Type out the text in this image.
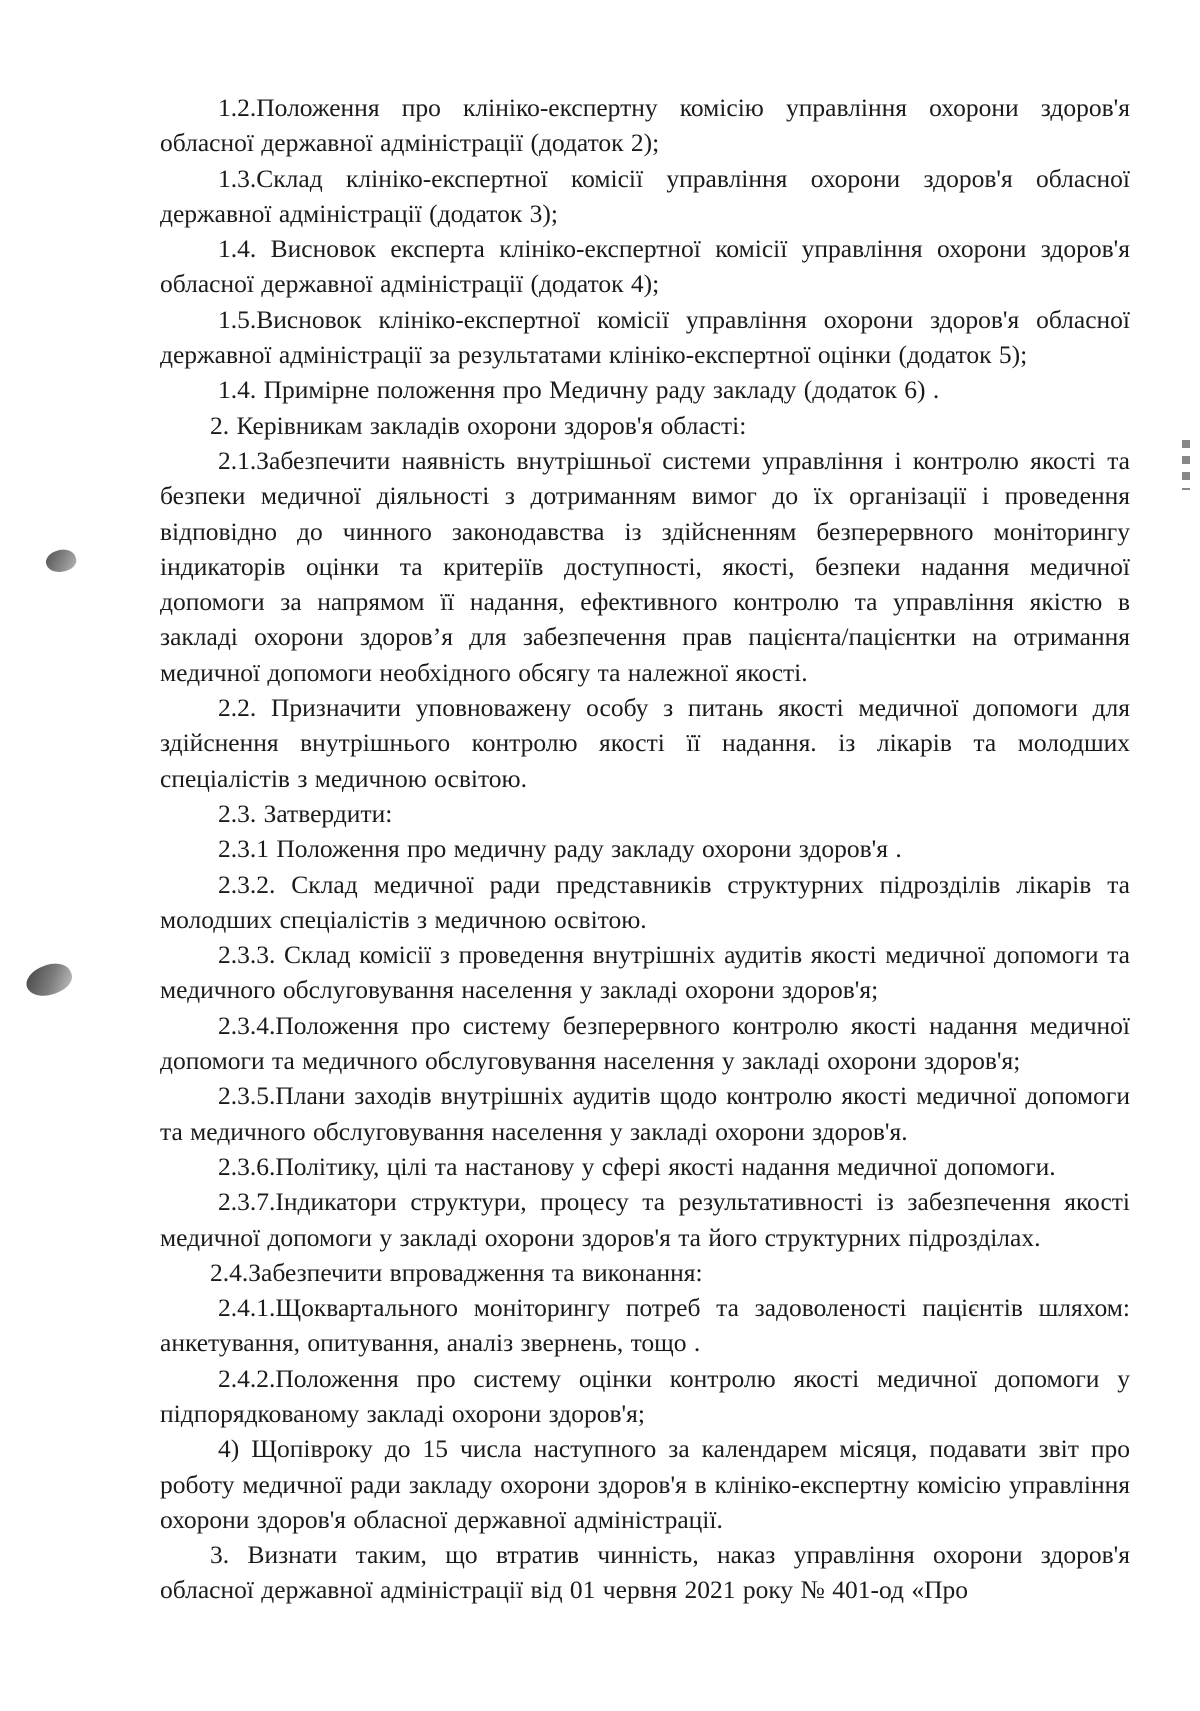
1.2.Положення про клініко-експертну комісію управління охорони здоров'я обласної державної адміністрації (додаток 2);

1.3.Склад клініко-експертної комісії управління охорони здоров'я обласної державної адміністрації (додаток 3);

1.4. Висновок експерта клініко-експертної комісії управління охорони здоров'я обласної державної адміністрації (додаток 4);

1.5.Висновок клініко-експертної комісії управління охорони здоров'я обласної державної адміністрації за результатами клініко-експертної оцінки (додаток 5);

1.4. Примірне положення про Медичну раду закладу (додаток 6) .

2. Керівникам закладів охорони здоров'я області:

2.1.Забезпечити наявність внутрішньої системи управління і контролю якості та безпеки медичної діяльності з дотриманням вимог до їх організації і проведення відповідно до чинного законодавства із здійсненням безперервного моніторингу індикаторів оцінки та критеріїв доступності, якості, безпеки надання медичної допомоги за напрямом її надання, ефективного контролю та управління якістю в закладі охорони здоров’я для забезпечення прав пацієнта/пацієнтки на отримання медичної допомоги необхідного обсягу та належної якості.

2.2. Призначити уповноважену особу з питань якості медичної допомоги для здійснення внутрішнього контролю якості її надання. із лікарів та молодших спеціалістів з медичною освітою.

2.3. Затвердити:

2.3.1 Положення про медичну раду закладу охорони здоров'я .

2.3.2. Склад медичної ради представників структурних підрозділів лікарів та молодших спеціалістів з медичною освітою.

2.3.3. Склад комісії з проведення внутрішніх аудитів якості медичної допомоги та медичного обслуговування населення у закладі охорони здоров'я;

2.3.4.Положення про систему безперервного контролю якості надання медичної допомоги та медичного обслуговування населення у закладі охорони здоров'я;

2.3.5.Плани заходів внутрішніх аудитів щодо контролю якості медичної допомоги та медичного обслуговування населення у закладі охорони здоров'я.

2.3.6.Політику, цілі та настанову у сфері якості надання медичної допомоги.

2.3.7.Індикатори структури, процесу та результативності із забезпечення якості медичної допомоги у закладі охорони здоров'я та його структурних підрозділах.

2.4.Забезпечити впровадження та виконання:

2.4.1.Щоквартального моніторингу потреб та задоволеності пацієнтів шляхом: анкетування, опитування, аналіз звернень, тощо .

2.4.2.Положення про систему оцінки контролю якості медичної допомоги у підпорядкованому закладі охорони здоров'я;

4) Щопівроку до 15 числа наступного за календарем місяця, подавати звіт про роботу медичної ради закладу охорони здоров'я в клініко-експертну комісію управління охорони здоров'я обласної державної адміністрації.

3. Визнати таким, що втратив чинність, наказ управління охорони здоров'я обласної державної адміністрації від 01 червня 2021 року № 401-од «Про
